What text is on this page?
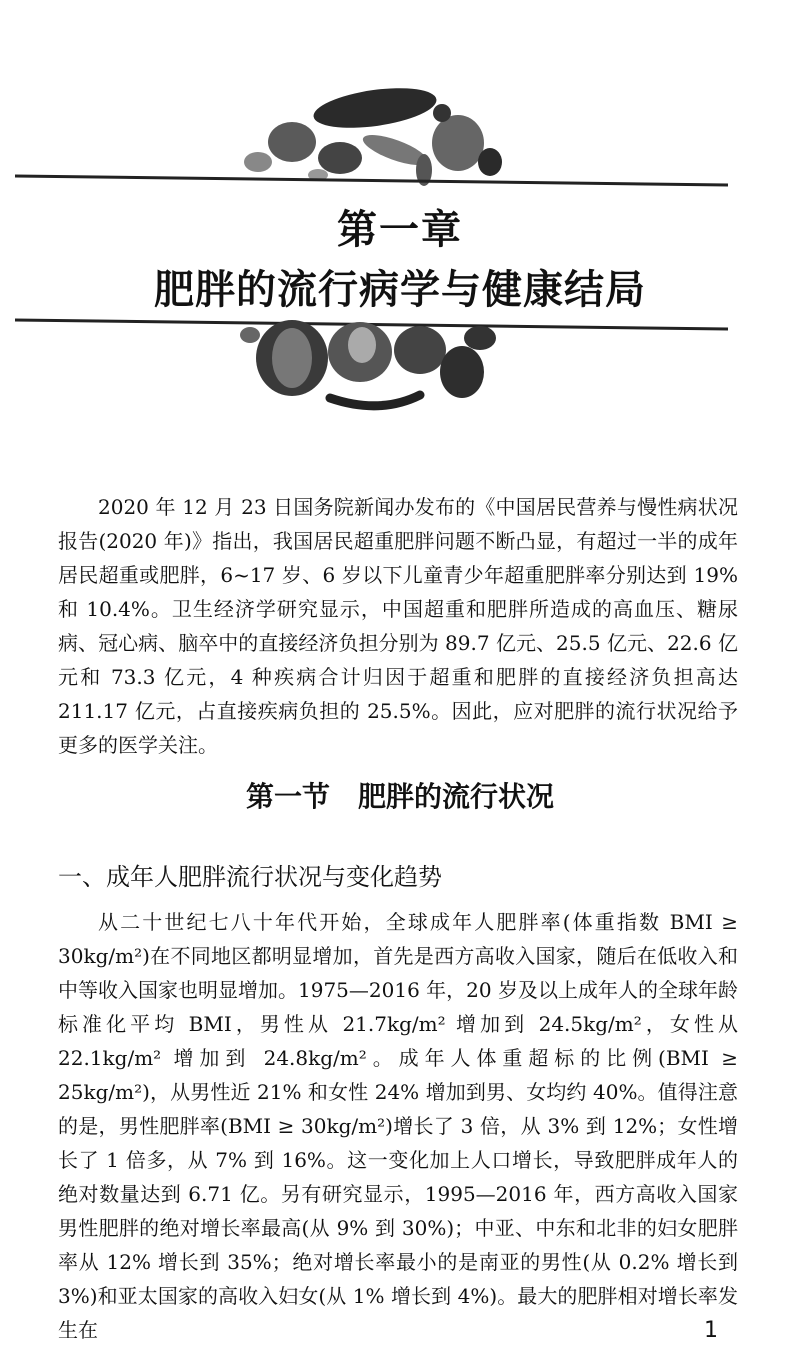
第一章
肥胖的流行病学与健康结局

2020 年 12 月 23 日国务院新闻办发布的《中国居民营养与慢性病状况报告(2020 年)》指出，我国居民超重肥胖问题不断凸显，有超过一半的成年居民超重或肥胖，6~17 岁、6 岁以下儿童青少年超重肥胖率分别达到 19% 和 10.4%。卫生经济学研究显示，中国超重和肥胖所造成的高血压、糖尿病、冠心病、脑卒中的直接经济负担分别为 89.7 亿元、25.5 亿元、22.6 亿元和 73.3 亿元，4 种疾病合计归因于超重和肥胖的直接经济负担高达 211.17 亿元，占直接疾病负担的 25.5%。因此，应对肥胖的流行状况给予更多的医学关注。

第一节　肥胖的流行状况
一、成年人肥胖流行状况与变化趋势

从二十世纪七八十年代开始，全球成年人肥胖率(体重指数 BMI ≥ 30kg/m²)在不同地区都明显增加，首先是西方高收入国家，随后在低收入和中等收入国家也明显增加。1975—2016 年，20 岁及以上成年人的全球年龄标准化平均 BMI，男性从 21.7kg/m² 增加到 24.5kg/m²，女性从 22.1kg/m² 增加到 24.8kg/m²。成年人体重超标的比例(BMI ≥ 25kg/m²)，从男性近 21% 和女性 24% 增加到男、女均约 40%。值得注意的是，男性肥胖率(BMI ≥ 30kg/m²)增长了 3 倍，从 3% 到 12%；女性增长了 1 倍多，从 7% 到 16%。这一变化加上人口增长，导致肥胖成年人的绝对数量达到 6.71 亿。另有研究显示，1995—2016 年，西方高收入国家男性肥胖的绝对增长率最高(从 9% 到 30%)；中亚、中东和北非的妇女肥胖率从 12% 增长到 35%；绝对增长率最小的是南亚的男性(从 0.2% 增长到 3%)和亚太国家的高收入妇女(从 1% 增长到 4%)。最大的肥胖相对增长率发生在	1
